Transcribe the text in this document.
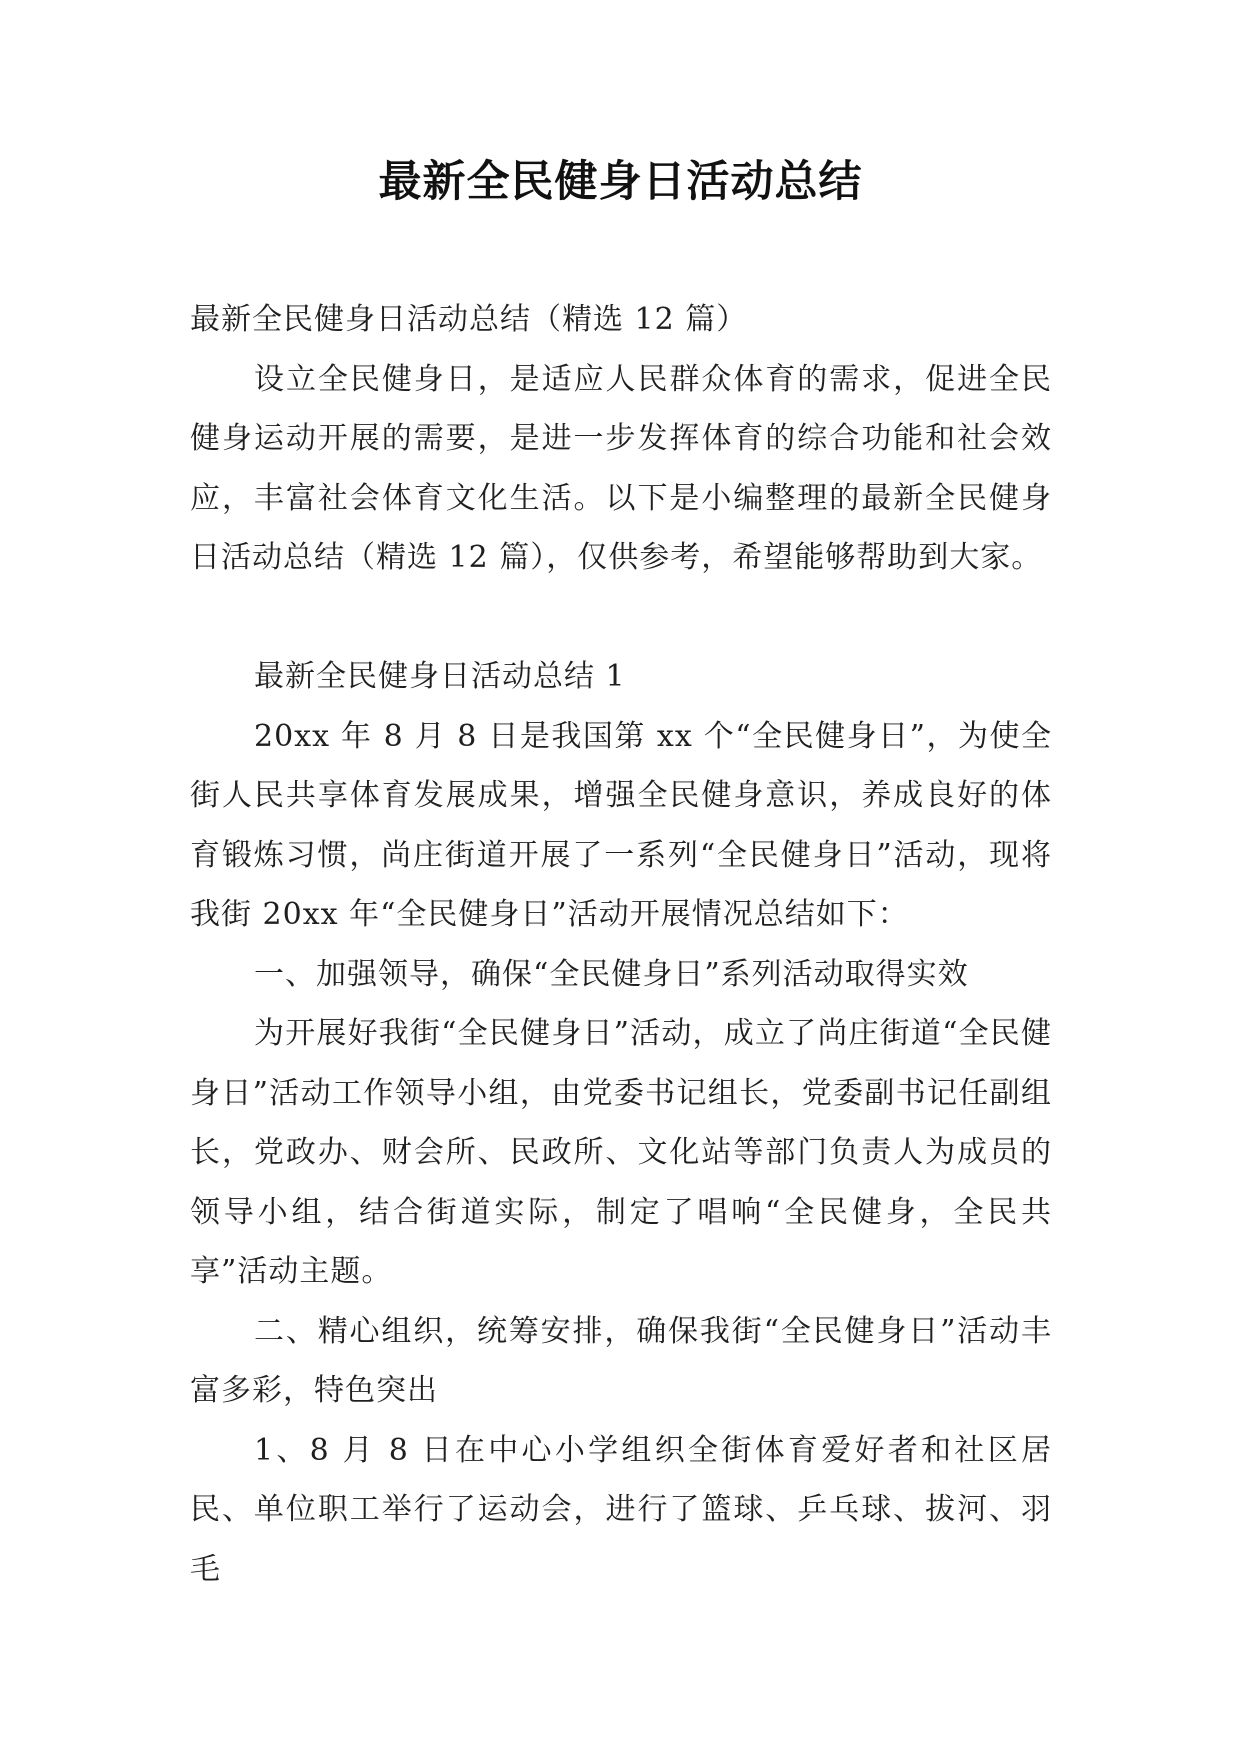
最新全民健身日活动总结

最新全民健身日活动总结（精选 12 篇）

设立全民健身日，是适应人民群众体育的需求，促进全民健身运动开展的需要，是进一步发挥体育的综合功能和社会效应，丰富社会体育文化生活。以下是小编整理的最新全民健身日活动总结（精选 12 篇），仅供参考，希望能够帮助到大家。

最新全民健身日活动总结 1

20xx 年 8 月 8 日是我国第 xx 个“全民健身日”，为使全街人民共享体育发展成果，增强全民健身意识，养成良好的体育锻炼习惯，尚庄街道开展了一系列“全民健身日”活动，现将我街 20xx 年“全民健身日”活动开展情况总结如下：

一、加强领导，确保“全民健身日”系列活动取得实效

为开展好我街“全民健身日”活动，成立了尚庄街道“全民健身日”活动工作领导小组，由党委书记组长，党委副书记任副组长，党政办、财会所、民政所、文化站等部门负责人为成员的领导小组，结合街道实际，制定了唱响“全民健身，全民共享”活动主题。

二、精心组织，统筹安排，确保我街“全民健身日”活动丰富多彩，特色突出

1、8 月 8 日在中心小学组织全街体育爱好者和社区居民、单位职工举行了运动会，进行了篮球、乒乓球、拔河、羽毛
